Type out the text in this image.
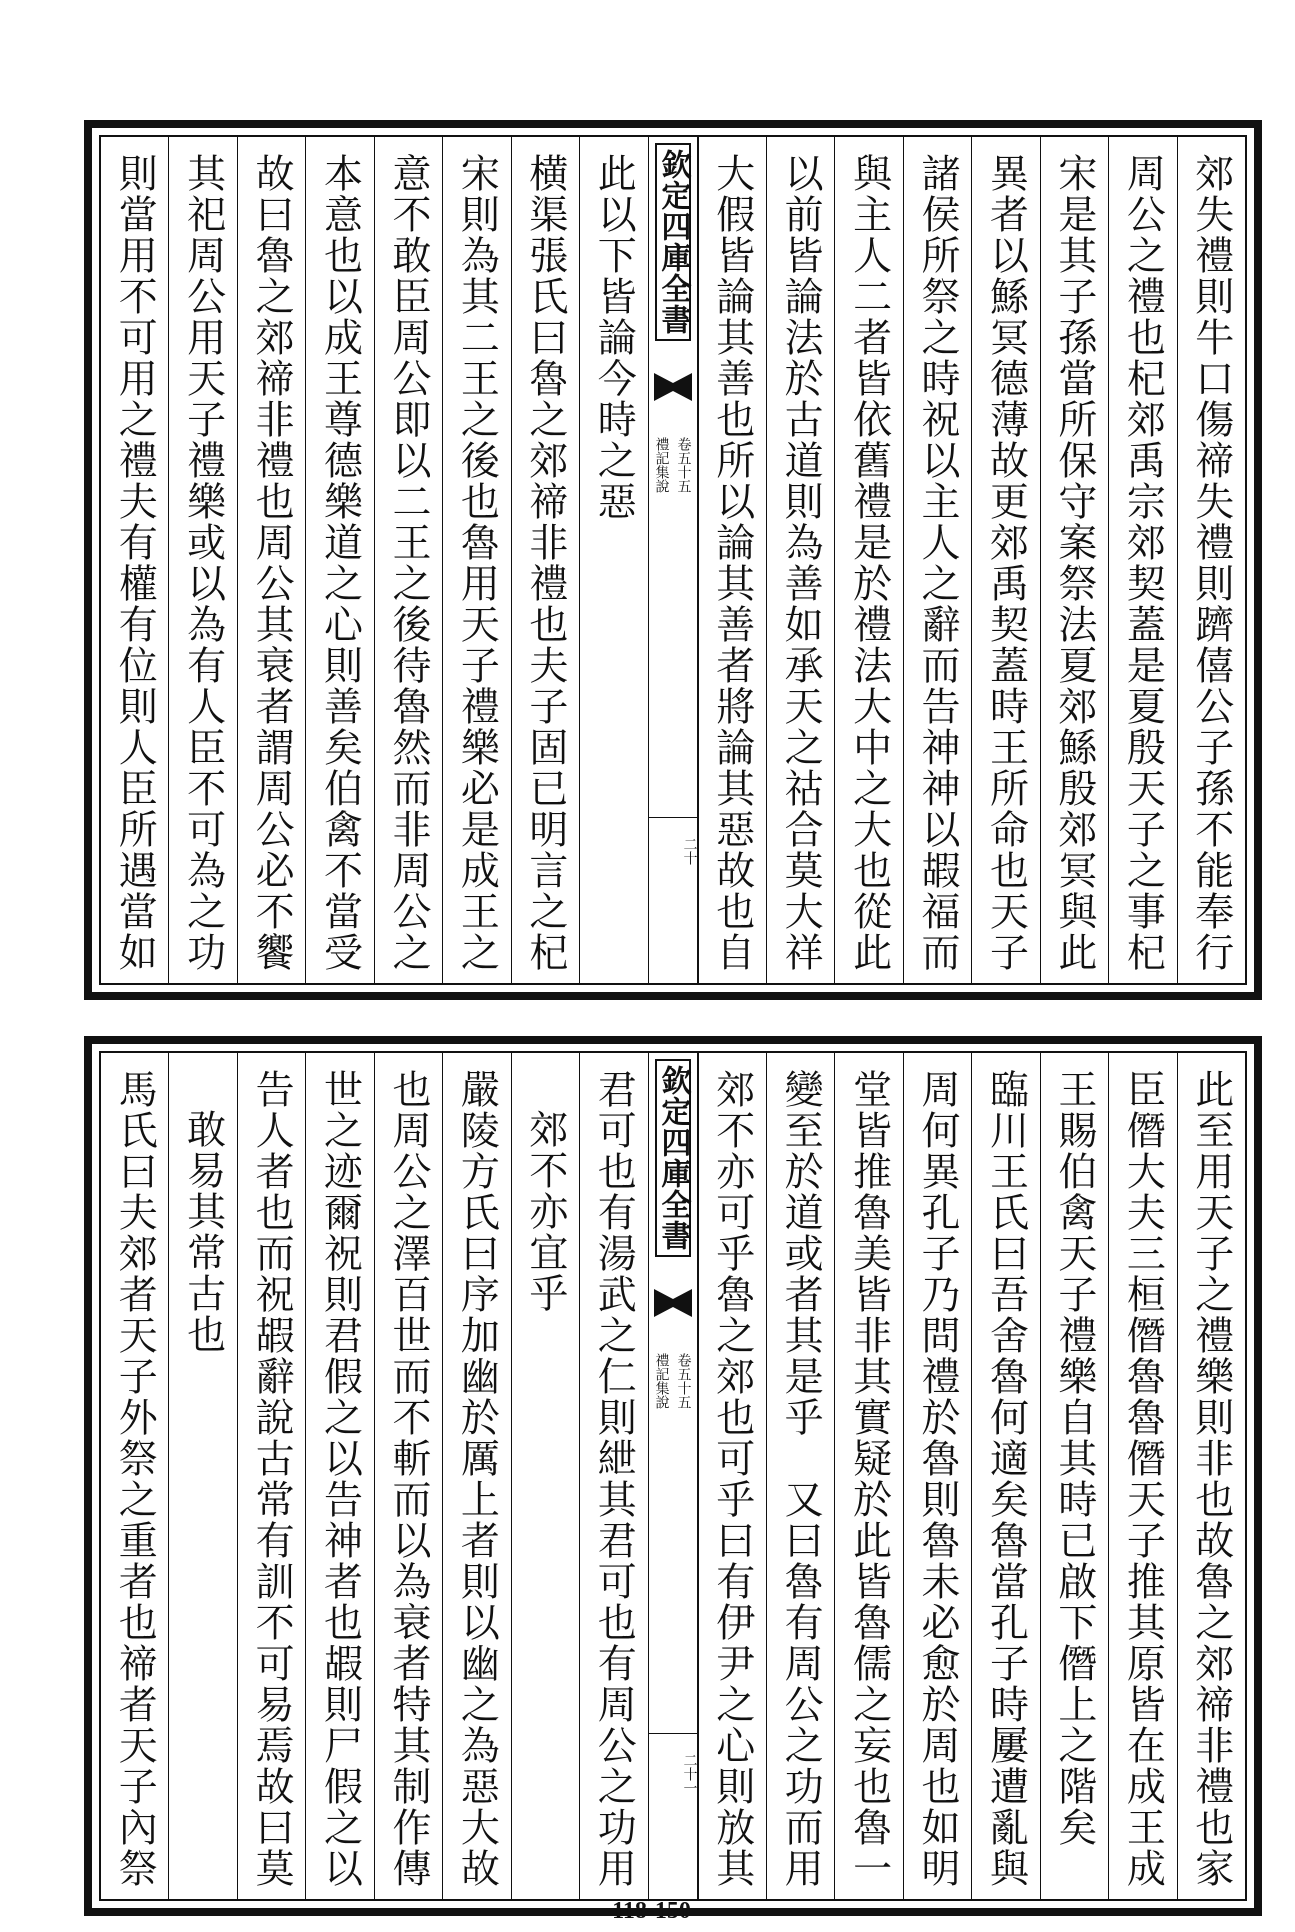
郊失禮則牛口傷禘失禮則躋僖公子孫不能奉行
周公之禮也杞郊禹宗郊契蓋是夏殷天子之事杞
宋是其子孫當所保守案祭法夏郊鯀殷郊冥與此
異者以鯀冥德薄故更郊禹契蓋時王所命也天子
諸侯所祭之時祝以主人之辭而告神神以嘏福而
與主人二者皆依舊禮是於禮法大中之大也從此
以前皆論法於古道則為善如承天之祜合莫大祥
大假皆論其善也所以論其善者將論其惡故也自
欽定四庫全書
禮記集說 卷五十五
二十
此以下皆論今時之惡
横渠張氏曰魯之郊禘非禮也夫子固已明言之杞
宋則為其二王之後也魯用天子禮樂必是成王之
意不敢臣周公即以二王之後待魯然而非周公之
本意也以成王尊德樂道之心則善矣伯禽不當受
故曰魯之郊禘非禮也周公其衰者謂周公必不饗
其祀周公用天子禮樂或以為有人臣不可為之功
則當用不可用之禮夫有權有位則人臣所遇當如
此至用天子之禮樂則非也故魯之郊禘非禮也家
臣僭大夫三桓僭魯魯僭天子推其原皆在成王成
王賜伯禽天子禮樂自其時已啟下僭上之階矣
臨川王氏曰吾舍魯何適矣魯當孔子時屢遭亂與
周何異孔子乃問禮於魯則魯未必愈於周也如明
堂皆推魯美皆非其實疑於此皆魯儒之妄也魯一
變至於道或者其是乎　又曰魯有周公之功而用
郊不亦可乎魯之郊也可乎曰有伊尹之心則放其
欽定四庫全書
禮記集說 卷五十五
二十一
君可也有湯武之仁則紲其君可也有周公之功用
郊不亦宜乎
嚴陵方氏曰序加幽於厲上者則以幽之為惡大故
也周公之澤百世而不斬而以為衰者特其制作傳
世之迹爾祝則君假之以告神者也嘏則尸假之以
告人者也而祝嘏辭說古常有訓不可易焉故曰莫
敢易其常古也
馬氏曰夫郊者天子外祭之重者也禘者天子內祭
·118-150
